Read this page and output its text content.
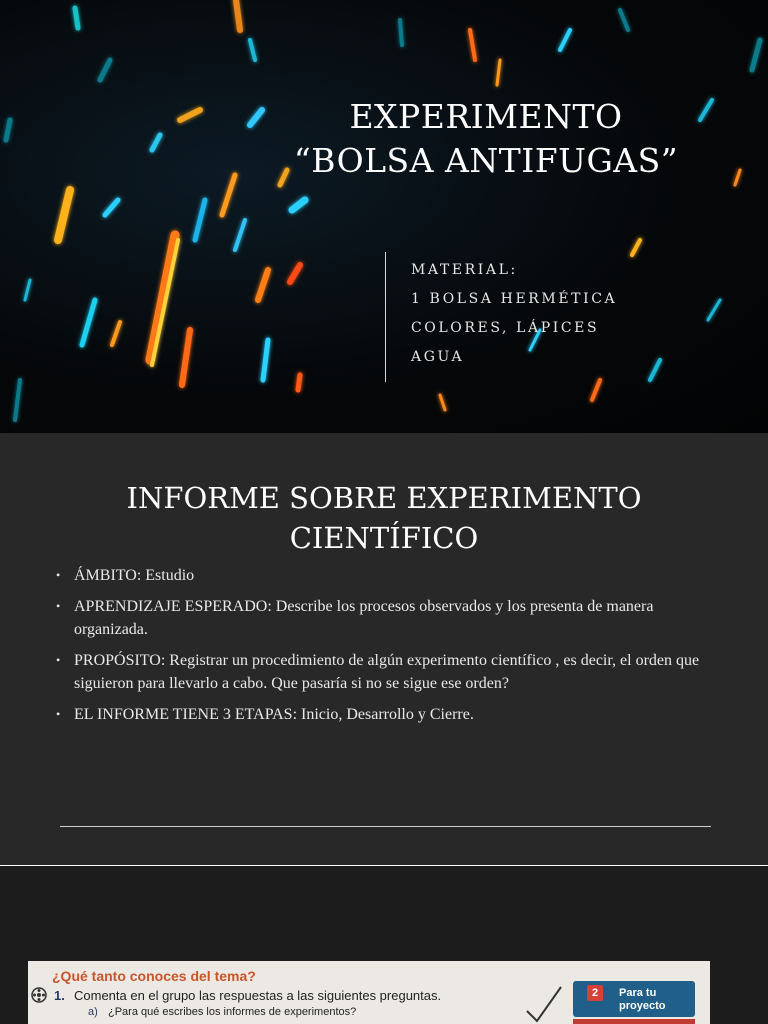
EXPERIMENTO
“BOLSA ANTIFUGAS”
MATERIAL:
1 BOLSA HERMÉTICA
COLORES, LÁPICES
AGUA
INFORME SOBRE EXPERIMENTO
CIENTÍFICO
• ÁMBITO: Estudio
• APRENDIZAJE ESPERADO: Describe los procesos observados y los presenta de manera organizada.
• PROPÓSITO: Registrar un procedimiento de algún experimento científico , es decir, el orden que siguieron para llevarlo a cabo. Que pasaría si no se sigue ese orden?
• EL INFORME TIENE 3 ETAPAS: Inicio, Desarrollo y Cierre.
¿Qué tanto conoces del tema?
1. Comenta en el grupo las respuestas a las siguientes preguntas.
a) ¿Para qué escribes los informes de experimentos?
2	Para tu
proyecto
